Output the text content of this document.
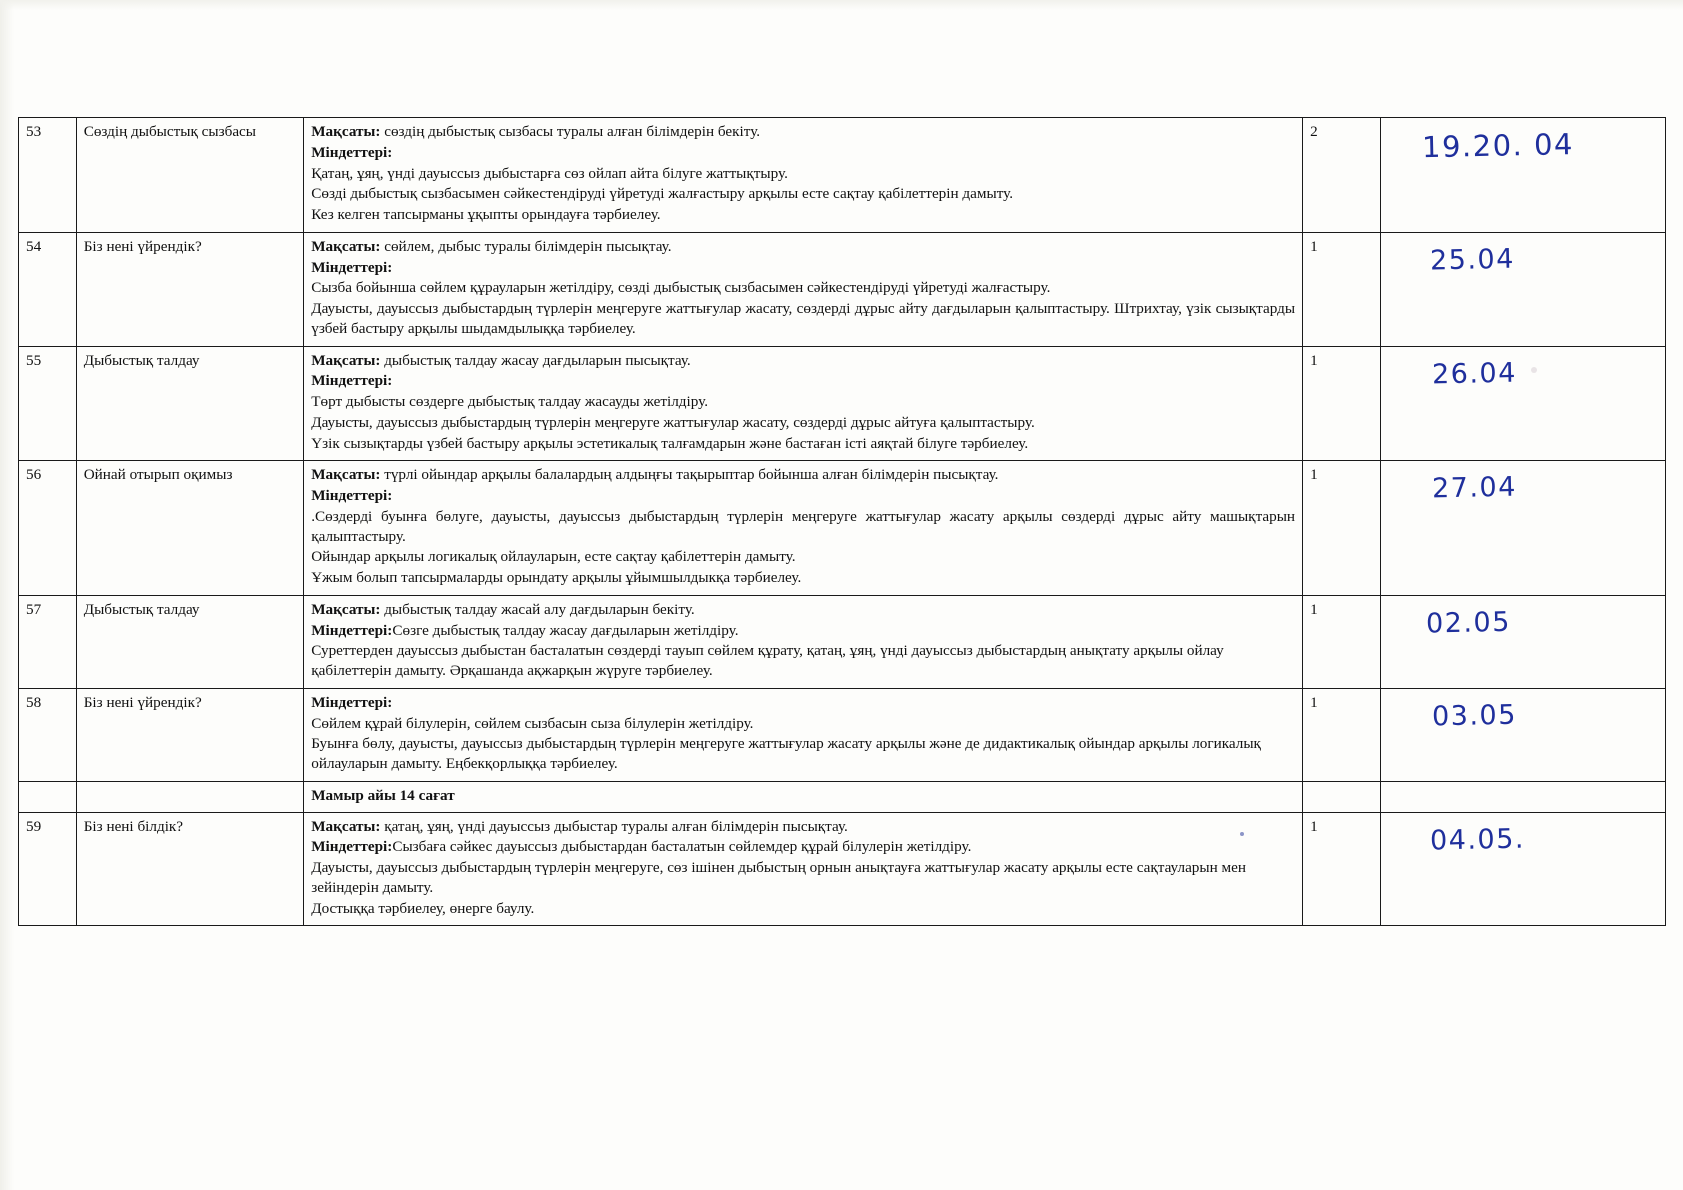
53	Сөздің дыбыстық сызбасы	Мақсаты: сөздің дыбыстық сызбасы туралы алған білімдерін бекіту.

Міндеттері:

Қатаң, ұяң, үнді дауыссыз дыбыстарға сөз ойлап айта білуге жаттықтыру.

Сөзді дыбыстық сызбасымен сәйкестендіруді үйретуді жалғастыру арқылы есте сақтау қабілеттерін дамыту.

Кез келген тапсырманы ұқыпты орындауға тәрбиелеу.	2	19.20. 04
54	Біз нені үйрендік?	Мақсаты: сөйлем, дыбыс туралы білімдерін пысықтау.

Міндеттері:

Сызба бойынша сөйлем құрауларын жетілдіру, сөзді дыбыстық сызбасымен сәйкестендіруді үйретуді жалғастыру.

Дауысты, дауыссыз дыбыстардың түрлерін меңгеруге жаттығулар жасату, сөздерді дұрыс айту дағдыларын қалыптастыру. Штрихтау, үзік сызықтарды үзбей бастыру арқылы шыдамдылыққа тәрбиелеу.	1	25.04
55	Дыбыстық талдау	Мақсаты: дыбыстық талдау жасау дағдыларын пысықтау.

Міндеттері:

Төрт дыбысты сөздерге дыбыстық талдау жасауды жетілдіру.

Дауысты, дауыссыз дыбыстардың түрлерін меңгеруге жаттығулар жасату, сөздерді дұрыс айтуға қалыптастыру.

Үзік сызықтарды үзбей бастыру арқылы эстетикалық талғамдарын және бастаған істі аяқтай білуге тәрбиелеу.	1	26.04
56	Ойнай отырып оқимыз	Мақсаты: түрлі ойындар арқылы балалардың алдыңғы тақырыптар бойынша алған білімдерін пысықтау.

Міндеттері:

.Сөздерді буынға бөлуге, дауысты, дауыссыз дыбыстардың түрлерін меңгеруге жаттығулар жасату арқылы сөздерді дұрыс айту машықтарын қалыптастыру.

Ойындар арқылы логикалық ойлауларын, есте сақтау қабілеттерін дамыту.

Ұжым болып тапсырмаларды орындату арқылы ұйымшылдыкқа тәрбиелеу.	1	27.04
57	Дыбыстық талдау	Мақсаты: дыбыстық талдау жасай алу дағдыларын бекіту.

Міндеттері:Сөзге дыбыстық талдау жасау дағдыларын жетілдіру.

Суреттерден дауыссыз дыбыстан басталатын сөздерді тауып сөйлем құрату, қатаң, ұяң, үнді дауыссыз дыбыстардың анықтату арқылы ойлау қабілеттерін дамыту. Әрқашанда ақжарқын жүруге тәрбиелеу.	1	02.05
58	Біз нені үйрендік?	Міндеттері:

Сөйлем құрай білулерін, сөйлем сызбасын сыза білулерін жетілдіру.

Буынға бөлу, дауысты, дауыссыз дыбыстардың түрлерін меңгеруге жаттығулар жасату арқылы және де дидактикалық ойындар арқылы логикалық ойлауларын дамыту. Еңбекқорлыққа тәрбиелеу.	1	03.05
		Мамыр айы 14 сағат		
59	Біз нені білдік?	Мақсаты: қатаң, ұяң, үнді дауыссыз дыбыстар туралы алған білімдерін пысықтау.

Міндеттері:Сызбаға сәйкес дауыссыз дыбыстардан басталатын сөйлемдер құрай білулерін жетілдіру.

Дауысты, дауыссыз дыбыстардың түрлерін меңгеруге, сөз ішінен дыбыстың орнын анықтауға жаттығулар жасату арқылы есте сақтауларын мен зейіндерін дамыту.

Достыққа тәрбиелеу, өнерге баулу.	1	04.05.
